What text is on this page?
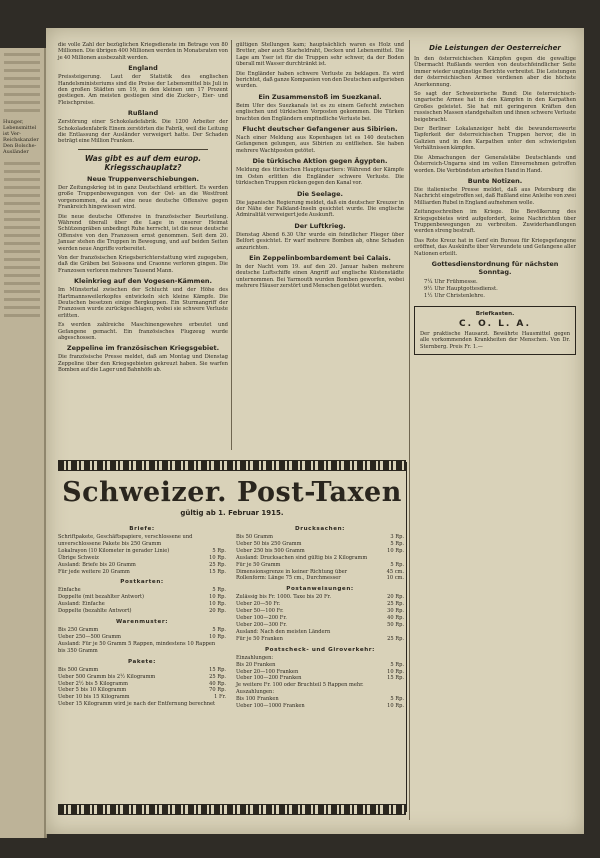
Hunger,
Lebensmittel
ist Ver-
Reichskanzler
Den Bolsche-
Ausländer

die volle Zahl der bezüglichen Kriegsdienste im Betrage von 80 Millionen. Die übrigen 400 Millionen werden in Monatsraten von je 40 Millionen ausbezahlt werden.

England

Preissteigerung. Laut der Statistik des englischen Handelsministeriums sind die Preise der Lebensmittel bis Juli in den großen Städten um 19, in den kleinen um 17 Prozent gestiegen. Am meisten gestiegen sind die Zucker-, Eier- und Fleischpreise.

Rußland

Zerstörung einer Schokoladefabrik. Die 1200 Arbeiter der Schokoladenfabrik Einem zerstörten die Fabrik, weil die Leitung die Entlassung der Ausländer verweigert hatte. Der Schaden beträgt eine Million Franken.

Was gibt es auf dem europ. Kriegsschauplatz?
Neue Truppenverschiebungen.

Der Zeitungskrieg ist in ganz Deutschland erbittert. Es werden große Truppenbewegungen von der Ost- an die Westfront vorgenommen, da auf eine neue deutsche Offensive gegen Frankreich hingewiesen wird.

Die neue deutsche Offensive in französischer Beurteilung. Während überall über die Lage in unserer Heimat Schützengräben unbedingt Ruhe herrscht, ist die neue deutsche Offensive von den Franzosen ernst genommen. Seit dem 20. Januar stehen die Truppen in Bewegung, und auf beiden Seiten werden neue Angriffe vorbereitet.

Von der französischen Kriegsberichterstattung wird zugegeben, daß die Gräben bei Soissons und Craonne verloren gingen. Die Franzosen verloren mehrere Tausend Mann.

Kleinkrieg auf den Vogesen-Kämmen.

Im Münstertal zwischen der Schlucht und der Höhe des Hartmannsweilerkopfes entwickeln sich kleine Kämpfe. Die Deutschen besetzen einige Bergkuppen. Ein Sturmangriff der Franzosen wurde zurückgeschlagen, wobei sie schwere Verluste erlitten.

Es werden zahlreiche Maschinengewehre erbeutet und Gefangene gemacht. Ein französisches Flugzeug wurde abgeschossen.

Zeppeline im französischen Kriegsgebiet.

Die französische Presse meldet, daß am Montag und Dienstag Zeppeline über den Kriegsgebieten gekreuzt haben. Sie warfen Bomben auf die Lager und Bahnhöfe ab.

gültigen Stellungen kam; hauptsächlich waren es Holz und Bretter, aber auch Stacheldraht, Decken und Lebensmittel. Die Lage am Yser ist für die Truppen sehr schwer, da der Boden überall mit Wasser durchtränkt ist.

Die Engländer haben schwere Verluste zu beklagen. Es wird berichtet, daß ganze Kompanien von den Deutschen aufgerieben wurden.

Ein Zusammenstoß im Suezkanal.

Beim Ufer des Suezkanals ist es zu einem Gefecht zwischen englischen und türkischen Vorposten gekommen. Die Türken brachten den Engländern empfindliche Verluste bei.

Flucht deutscher Gefangener aus Sibirien.

Nach einer Meldung aus Kopenhagen ist es 140 deutschen Gefangenen gelungen, aus Sibirien zu entfliehen. Sie haben mehrere Wachtposten getötet.

Die türkische Aktion gegen Ägypten.

Meldung des türkischen Hauptquartiers: Während der Kämpfe im Osten erlitten die Engländer schwere Verluste. Die türkischen Truppen rücken gegen den Kanal vor.

Die Seelage.

Die japanische Regierung meldet, daß ein deutscher Kreuzer in der Nähe der Falkland-Inseln gesichtet wurde. Die englische Admiralität verweigert jede Auskunft.

Der Luftkrieg.

Dienstag Abend 6.30 Uhr wurde ein feindlicher Flieger über Belfort gesichtet. Er warf mehrere Bomben ab, ohne Schaden anzurichten.

Ein Zeppelinbombardement bei Calais.

In der Nacht vom 19. auf den 20. Januar haben mehrere deutsche Luftschiffe einen Angriff auf englische Küstenstädte unternommen. Bei Yarmouth wurden Bomben geworfen, wobei mehrere Häuser zerstört und Menschen getötet wurden.

Die Leistungen der Oesterreicher

In den österreichischen Kämpfen gegen die gewaltige Übermacht Rußlands werden von deutschfeindlicher Seite immer wieder ungünstige Berichte verbreitet. Die Leistungen der österreichischen Armee verdienen aber die höchste Anerkennung.

So sagt der Schweizerische Bund: Die österreichisch-ungarische Armee hat in den Kämpfen in den Karpathen Großes geleistet. Sie hat mit geringeren Kräften den russischen Massen standgehalten und ihnen schwere Verluste beigebracht.

Der Berliner Lokalanzeiger hebt die bewundernswerte Tapferkeit der österreichischen Truppen hervor, die in Galizien und in den Karpathen unter den schwierigsten Verhältnissen kämpfen.

Die Abmachungen der Generalstäbe Deutschlands und Österreich-Ungarns sind im vollen Einvernehmen getroffen worden. Die Verbündeten arbeiten Hand in Hand.

Bunte Notizen.

Die italienische Presse meldet, daß aus Petersburg die Nachricht eingetroffen sei, daß Rußland eine Anleihe von zwei Milliarden Rubel in England aufnehmen wolle.

Zeitungsschreiben im Kriege. Die Bevölkerung des Kriegsgebietes wird aufgefordert, keine Nachrichten über Truppenbewegungen zu verbreiten. Zuwiderhandlungen werden streng bestraft.

Das Rote Kreuz hat in Genf ein Bureau für Kriegsgefangene eröffnet, das Auskünfte über Verwundete und Gefangene aller Nationen erteilt.

Gottesdienstordnung für nächsten Sonntag.
7¼ Uhr Frühmesse.
9½ Uhr Hauptgottesdienst.
1½ Uhr Christenlehre.
Briefkasten.
C. O. L. A.
Der praktische Hausarzt. Bewährte Hausmittel gegen alle vorkommenden Krankheiten der Menschen. Von Dr. Sternberg. Preis Fr. 1.—
Schweizer. Post-Taxen
gültig ab 1. Februar 1915.
Briefe:
Schriftpakete, Geschäftspapiere, verschlossene und unverschlossene Pakete bis 250 Gramm
Lokalrayon (10 Kilometer in gerader Linie)	5 Rp.
Übrige Schweiz	10 Rp.
Ausland: Briefe bis 20 Gramm	25 Rp.
Für jede weitere 20 Gramm	15 Rp.
Postkarten:
Einfache	5 Rp.
Doppelte (mit bezahlter Antwort)	10 Rp.
Ausland: Einfache	10 Rp.
Doppelte (bezahlte Antwort)	20 Rp.
Warenmuster:
Bis 250 Gramm	5 Rp.
Ueber 250—500 Gramm	10 Rp.
Ausland: Für je 50 Gramm 5 Rappen, mindestens 10 Rappen bis 350 Gramm
Pakete:
Bis 500 Gramm	15 Rp.
Ueber 500 Gramm bis 2½ Kilogramm	25 Rp.
Ueber 2½ bis 5 Kilogramm	40 Rp.
Ueber 5 bis 10 Kilogramm	70 Rp.
Ueber 10 bis 15 Kilogramm	1 Fr.
Ueber 15 Kilogramm wird je nach der Entfernung berechnet
Drucksachen:
Bis 50 Gramm	3 Rp.
Ueber 50 bis 250 Gramm	5 Rp.
Ueber 250 bis 500 Gramm	10 Rp.
Ausland: Drucksachen sind gültig bis 2 Kilogramm
Für je 50 Gramm	5 Rp.
Dimensionsgrenze in keiner Richtung über	45 cm.
Rollenform: Länge 75 cm., Durchmesser	10 cm.
Postanweisungen:
Zulässig bis Fr. 1000. Taxe bis 20 Fr.	20 Rp.
Ueber 20—50 Fr.	25 Rp.
Ueber 50—100 Fr.	30 Rp.
Ueber 100—200 Fr.	40 Rp.
Ueber 200—300 Fr.	50 Rp.
Ausland: Nach den meisten Ländern
Für je 50 Franken	25 Rp.
Postscheck- und Giroverkehr:
Einzahlungen:
Bis 20 Franken	5 Rp.
Ueber 20—100 Franken	10 Rp.
Ueber 100—200 Franken	15 Rp.
Je weitere Fr. 100 oder Bruchteil 5 Rappen mehr.
Auszahlungen:
Bis 100 Franken	5 Rp.
Ueber 100—1000 Franken	10 Rp.
